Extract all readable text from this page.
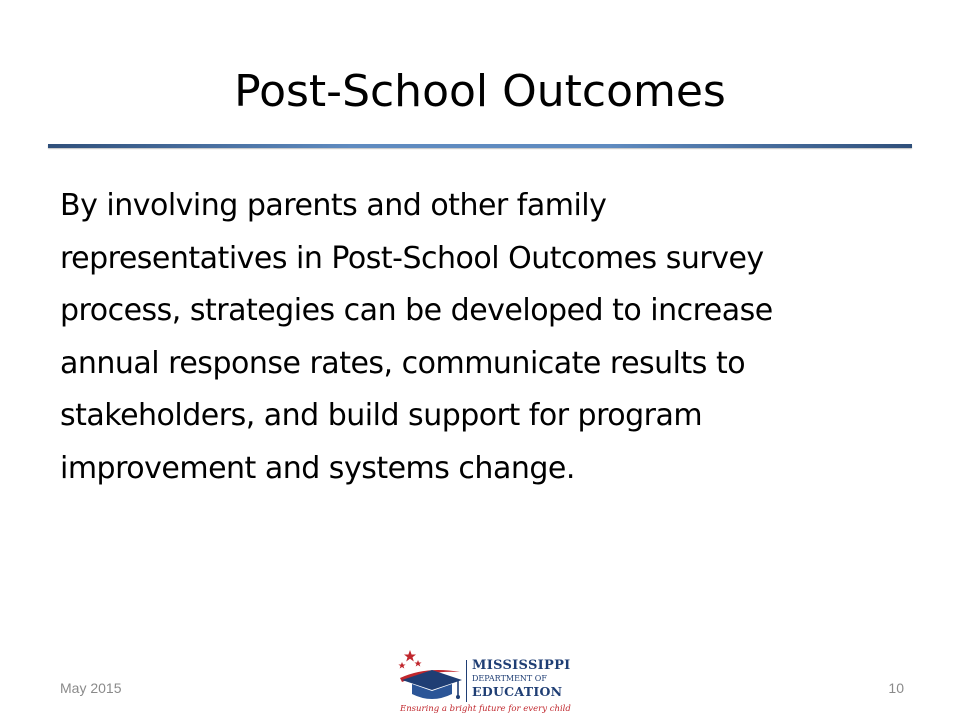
Post-School Outcomes
By involving parents and other family
representatives in Post-School Outcomes survey
process, strategies can be developed to increase
annual response rates, communicate results to
stakeholders, and build support for program
improvement and systems change.
May 2015
MISSISSIPPI
DEPARTMENT OF
EDUCATION
Ensuring a bright future for every child
10
